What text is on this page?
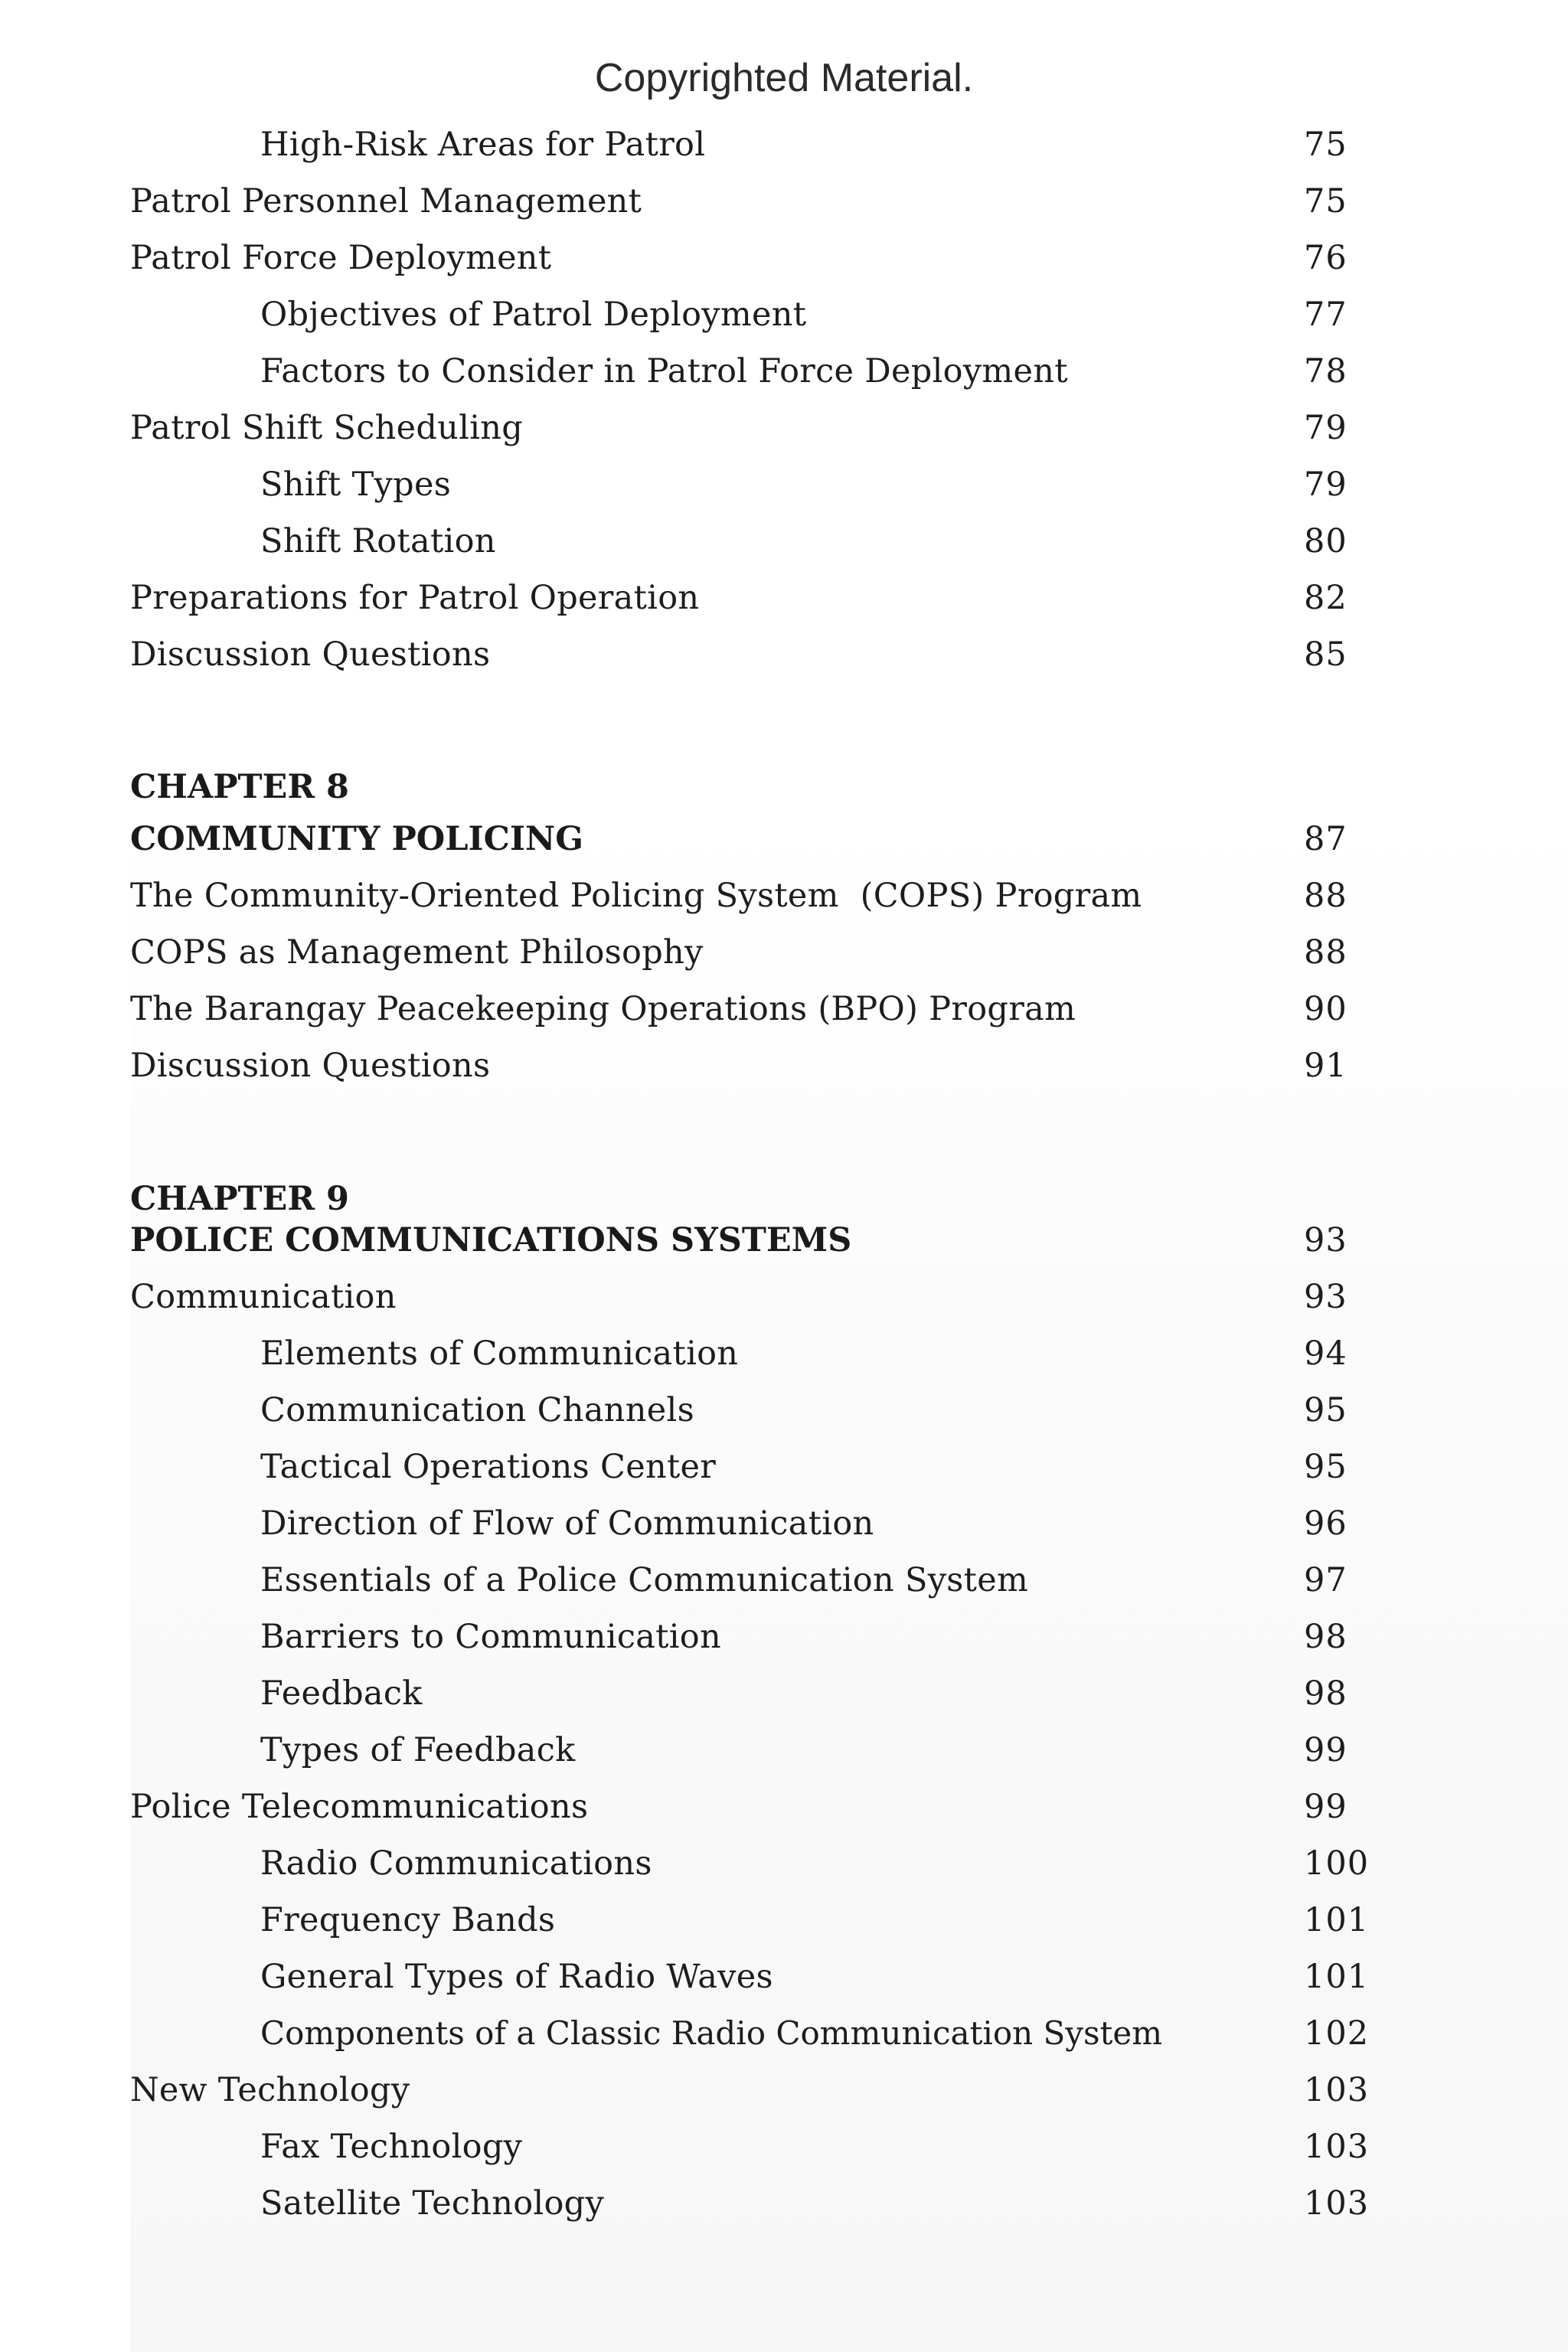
Copyrighted Material.
High-Risk Areas for Patrol	75
Patrol Personnel Management	75
Patrol Force Deployment	76
Objectives of Patrol Deployment	77
Factors to Consider in Patrol Force Deployment	78
Patrol Shift Scheduling	79
Shift Types	79
Shift Rotation	80
Preparations for Patrol Operation	82
Discussion Questions	85
CHAPTER 8
COMMUNITY POLICING	87
The Community-Oriented Policing System  (COPS) Program	88
COPS as Management Philosophy	88
The Barangay Peacekeeping Operations (BPO) Program	90
Discussion Questions	91
CHAPTER 9
POLICE COMMUNICATIONS SYSTEMS	93
Communication	93
Elements of Communication	94
Communication Channels	95
Tactical Operations Center	95
Direction of Flow of Communication	96
Essentials of a Police Communication System	97
Barriers to Communication	98
Feedback	98
Types of Feedback	99
Police Telecommunications	99
Radio Communications	100
Frequency Bands	101
General Types of Radio Waves	101
Components of a Classic Radio Communication System	102
New Technology	103
Fax Technology	103
Satellite Technology	103
